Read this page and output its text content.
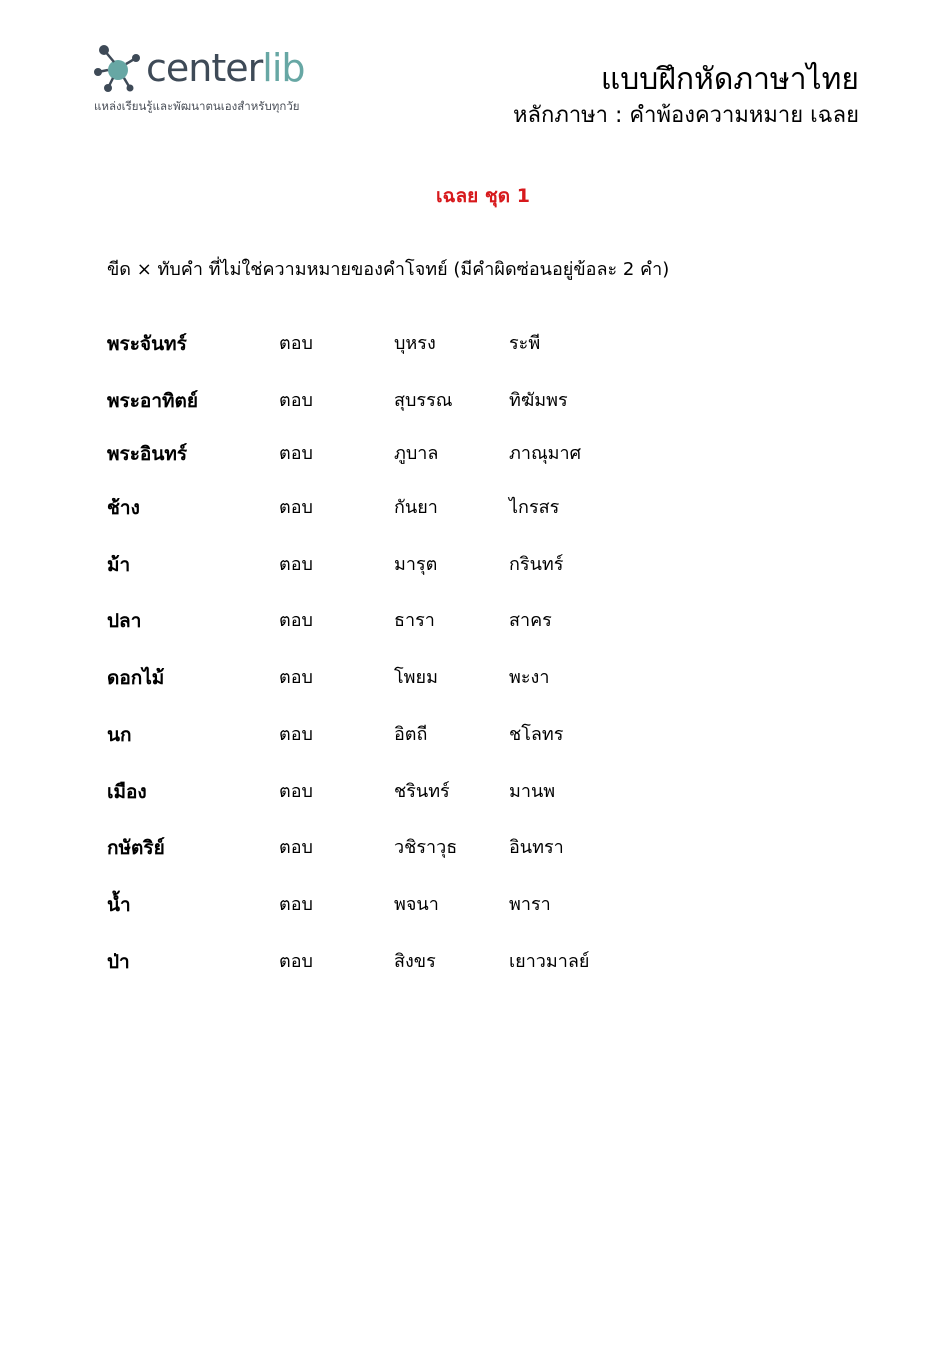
centerlib
แหล่งเรียนรู้และพัฒนาตนเองสำหรับทุกวัย
แบบฝึกหัดภาษาไทย
หลักภาษา : คำพ้องความหมาย เฉลย
เฉลย ชุด 1
ขีด × ทับคำ ที่ไม่ใช่ความหมายของคำโจทย์ (มีคำผิดซ่อนอยู่ข้อละ 2 คำ)
พระจันทร์	ตอบ	บุหรง	ระพี
พระอาทิตย์	ตอบ	สุบรรณ	ทิฆัมพร
พระอินทร์	ตอบ	ภูบาล	ภาณุมาศ
ช้าง	ตอบ	กันยา	ไกรสร
ม้า	ตอบ	มารุต	กรินทร์
ปลา	ตอบ	ธารา	สาคร
ดอกไม้	ตอบ	โพยม	พะงา
นก	ตอบ	อิตถี	ชโลทร
เมือง	ตอบ	ชรินทร์	มานพ
กษัตริย์	ตอบ	วชิราวุธ	อินทรา
น้ำ	ตอบ	พจนา	พารา
ป่า	ตอบ	สิงขร	เยาวมาลย์
